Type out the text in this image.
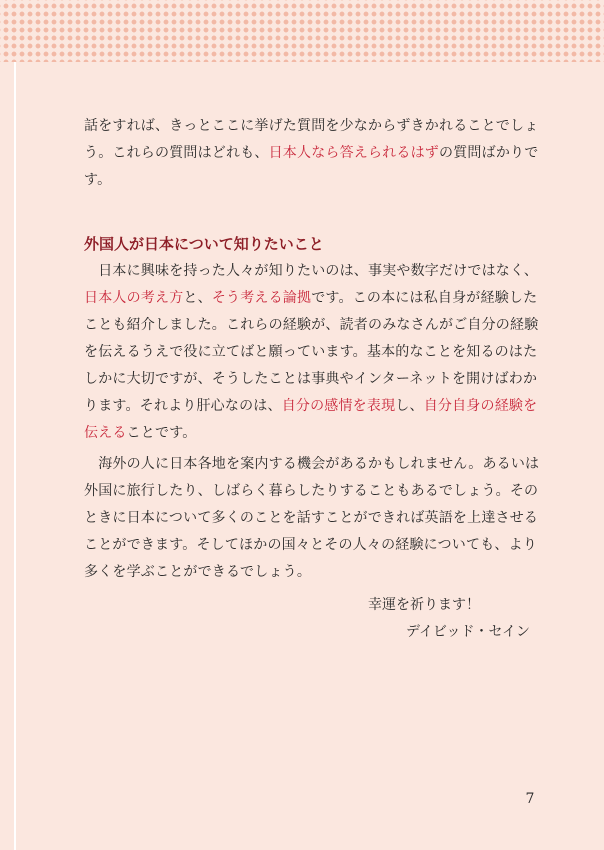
話をすれば、きっとここに挙げた質問を少なからずきかれることでしょう。これらの質問はどれも、日本人なら答えられるはずの質問ばかりです。

外国人が日本について知りたいこと

　日本に興味を持った人々が知りたいのは、事実や数字だけではなく、日本人の考え方と、そう考える論拠です。この本には私自身が経験したことも紹介しました。これらの経験が、読者のみなさんがご自分の経験を伝えるうえで役に立てばと願っています。基本的なことを知るのはたしかに大切ですが、そうしたことは事典やインターネットを開けばわかります。それより肝心なのは、自分の感情を表現し、自分自身の経験を伝えることです。

　海外の人に日本各地を案内する機会があるかもしれません。あるいは外国に旅行したり、しばらく暮らしたりすることもあるでしょう。そのときに日本について多くのことを話すことができれば英語を上達させることができます。そしてほかの国々とその人々の経験についても、より多くを学ぶことができるでしょう。

幸運を祈ります！
デイビッド・セイン

7
